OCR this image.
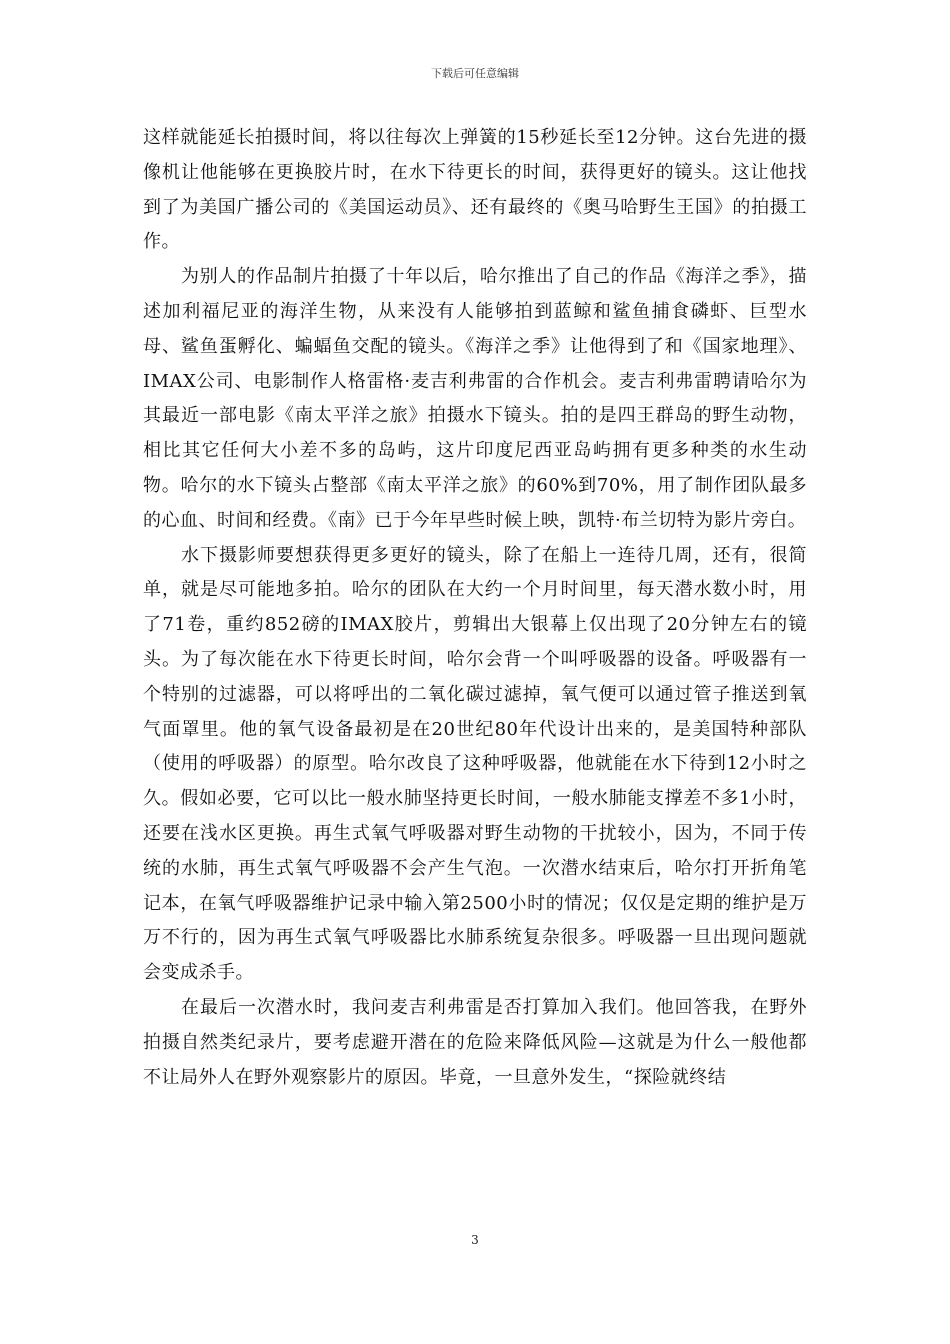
下载后可任意编辑

这样就能延长拍摄时间，将以往每次上弹簧的15秒延长至12分钟。这台先进的摄像机让他能够在更换胶片时，在水下待更长的时间，获得更好的镜头。这让他找到了为美国广播公司的《美国运动员》、还有最终的《奥马哈野生王国》的拍摄工作。

为别人的作品制片拍摄了十年以后，哈尔推出了自己的作品《海洋之季》，描述加利福尼亚的海洋生物，从来没有人能够拍到蓝鲸和鲨鱼捕食磷虾、巨型水母、鲨鱼蛋孵化、蝙蝠鱼交配的镜头。《海洋之季》让他得到了和《国家地理》、IMAX公司、电影制作人格雷格·麦吉利弗雷的合作机会。麦吉利弗雷聘请哈尔为其最近一部电影《南太平洋之旅》拍摄水下镜头。拍的是四王群岛的野生动物，相比其它任何大小差不多的岛屿，这片印度尼西亚岛屿拥有更多种类的水生动物。哈尔的水下镜头占整部《南太平洋之旅》的60%到70%，用了制作团队最多的心血、时间和经费。《南》已于今年早些时候上映，凯特·布兰切特为影片旁白。

水下摄影师要想获得更多更好的镜头，除了在船上一连待几周，还有，很简单，就是尽可能地多拍。哈尔的团队在大约一个月时间里，每天潜水数小时，用了71卷，重约852磅的IMAX胶片，剪辑出大银幕上仅出现了20分钟左右的镜头。为了每次能在水下待更长时间，哈尔会背一个叫呼吸器的设备。呼吸器有一个特别的过滤器，可以将呼出的二氧化碳过滤掉，氧气便可以通过管子推送到氧气面罩里。他的氧气设备最初是在20世纪80年代设计出来的，是美国特种部队（使用的呼吸器）的原型。哈尔改良了这种呼吸器，他就能在水下待到12小时之久。假如必要，它可以比一般水肺坚持更长时间，一般水肺能支撑差不多1小时，还要在浅水区更换。再生式氧气呼吸器对野生动物的干扰较小，因为，不同于传统的水肺，再生式氧气呼吸器不会产生气泡。一次潜水结束后，哈尔打开折角笔记本，在氧气呼吸器维护记录中输入第2500小时的情况；仅仅是定期的维护是万万不行的，因为再生式氧气呼吸器比水肺系统复杂很多。呼吸器一旦出现问题就会变成杀手。

在最后一次潜水时，我问麦吉利弗雷是否打算加入我们。他回答我，在野外拍摄自然类纪录片，要考虑避开潜在的危险来降低风险—这就是为什么一般他都不让局外人在野外观察影片的原因。毕竟，一旦意外发生，“探险就终结

3
